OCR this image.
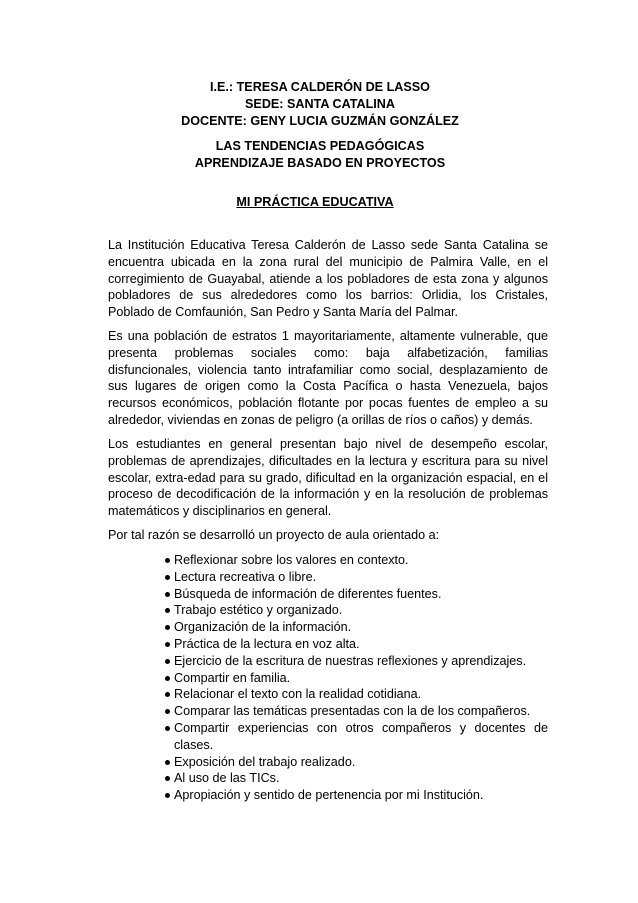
I.E.: TERESA CALDERÓN DE LASSO
SEDE: SANTA CATALINA
DOCENTE: GENY LUCIA GUZMÁN GONZÁLEZ
LAS TENDENCIAS PEDAGÓGICAS
APRENDIZAJE BASADO EN PROYECTOS
MI PRÁCTICA EDUCATIVA

La Institución Educativa Teresa Calderón de Lasso sede Santa Catalina se encuentra ubicada en la zona rural del municipio de Palmira Valle, en el corregimiento de Guayabal, atiende a los pobladores de esta zona y algunos pobladores de sus alrededores como los barrios: Orlidia, los Cristales, Poblado de Comfaunión, San Pedro y Santa María del Palmar.

Es una población de estratos 1 mayoritariamente, altamente vulnerable, que presenta problemas sociales como: baja alfabetización, familias disfuncionales, violencia tanto intrafamiliar como social, desplazamiento de sus lugares de origen como la Costa Pacífica o hasta Venezuela, bajos recursos económicos, población flotante por pocas fuentes de empleo a su alrededor, viviendas en zonas de peligro (a orillas de ríos o caños) y demás.

Los estudiantes en general presentan bajo nivel de desempeño escolar, problemas de aprendizajes, dificultades en la lectura y escritura para su nivel escolar, extra-edad para su grado, dificultad en la organización espacial, en el proceso de decodificación de la información y en la resolución de problemas matemáticos y disciplinarios en general.

Por tal razón se desarrolló un proyecto de aula orientado a:

Reflexionar sobre los valores en contexto.
Lectura recreativa o libre.
Búsqueda de información de diferentes fuentes.
Trabajo estético y organizado.
Organización de la información.
Práctica de la lectura en voz alta.
Ejercicio de la escritura de nuestras reflexiones y aprendizajes.
Compartir en familia.
Relacionar el texto con la realidad cotidiana.
Comparar las temáticas presentadas con la de los compañeros.
Compartir experiencias con otros compañeros y docentes de clases.
Exposición del trabajo realizado.
Al uso de las TICs.
Apropiación y sentido de pertenencia por mi Institución.
